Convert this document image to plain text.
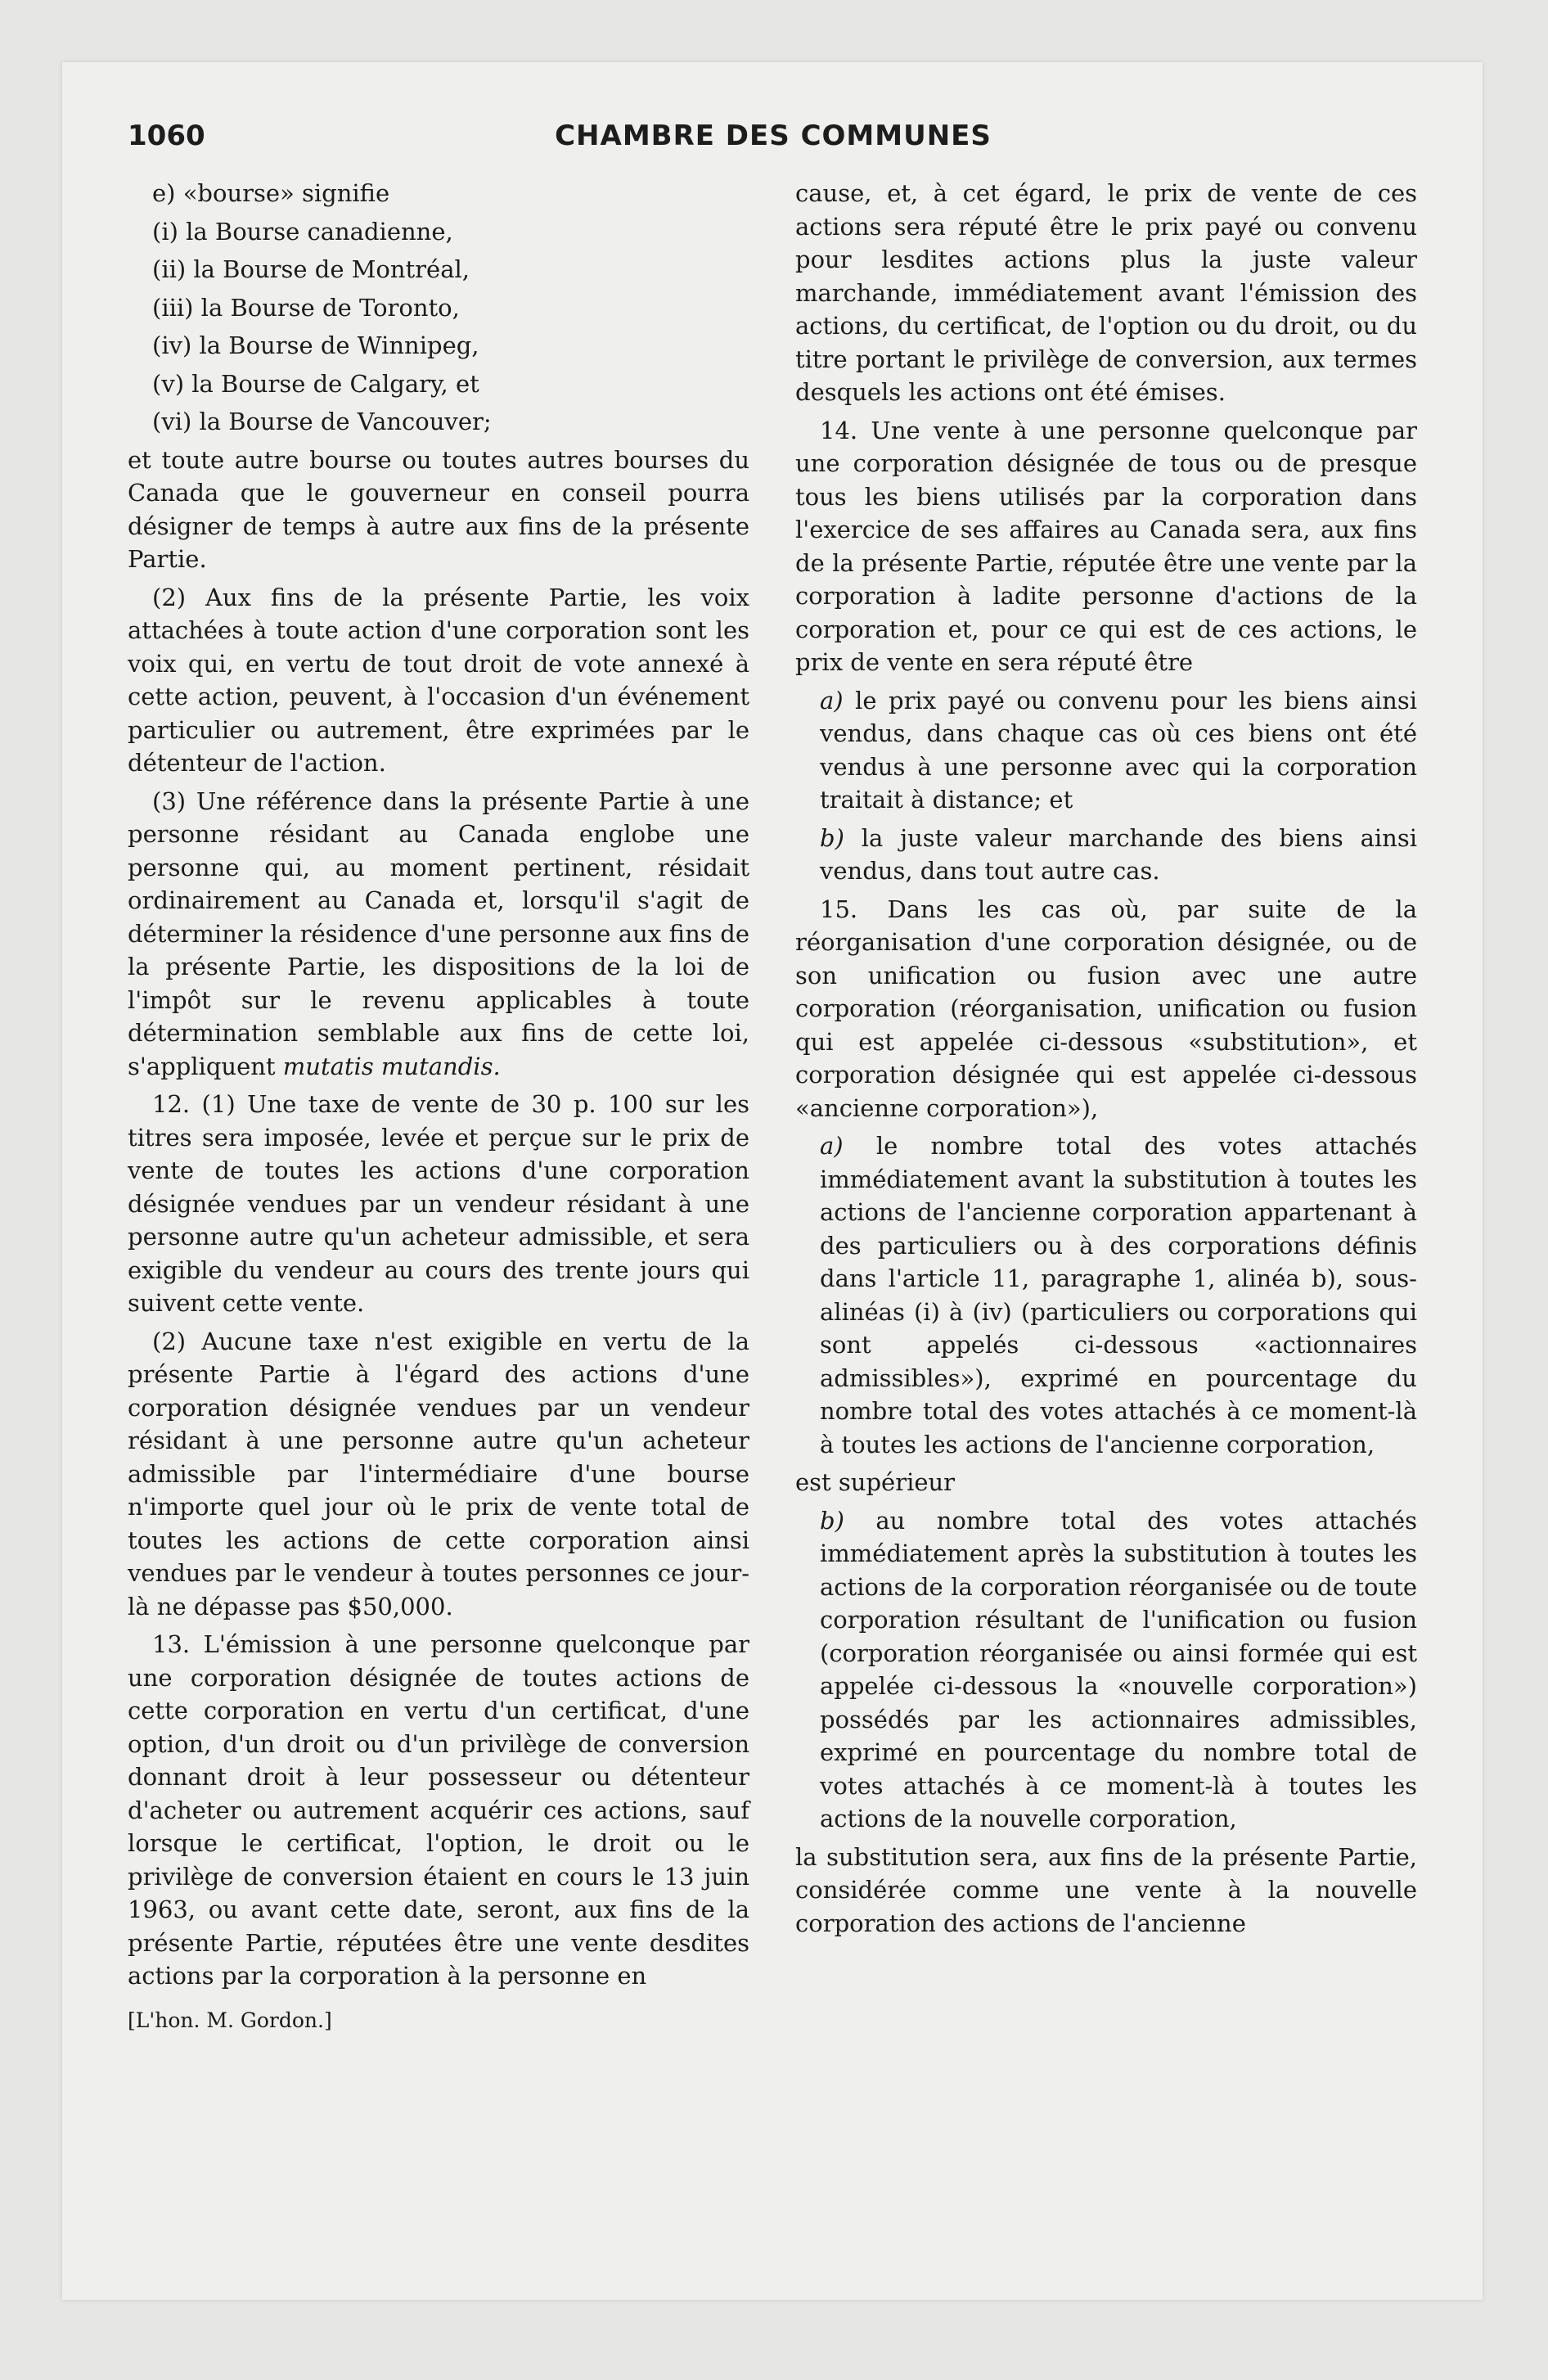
1060	CHAMBRE DES COMMUNES

e) «bourse» signifie

(i) la Bourse canadienne,

(ii) la Bourse de Montréal,

(iii) la Bourse de Toronto,

(iv) la Bourse de Winnipeg,

(v) la Bourse de Calgary, et

(vi) la Bourse de Vancouver;

et toute autre bourse ou toutes autres bourses du Canada que le gouverneur en conseil pourra désigner de temps à autre aux fins de la présente Partie.

(2) Aux fins de la présente Partie, les voix attachées à toute action d'une corporation sont les voix qui, en vertu de tout droit de vote annexé à cette action, peuvent, à l'occasion d'un événement particulier ou autrement, être exprimées par le détenteur de l'action.

(3) Une référence dans la présente Partie à une personne résidant au Canada englobe une personne qui, au moment pertinent, résidait ordinairement au Canada et, lorsqu'il s'agit de déterminer la résidence d'une personne aux fins de la présente Partie, les dispositions de la loi de l'impôt sur le revenu applicables à toute détermination semblable aux fins de cette loi, s'appliquent mutatis mutandis.

12. (1) Une taxe de vente de 30 p. 100 sur les titres sera imposée, levée et perçue sur le prix de vente de toutes les actions d'une corporation désignée vendues par un vendeur résidant à une personne autre qu'un acheteur admissible, et sera exigible du vendeur au cours des trente jours qui suivent cette vente.

(2) Aucune taxe n'est exigible en vertu de la présente Partie à l'égard des actions d'une corporation désignée vendues par un vendeur résidant à une personne autre qu'un acheteur admissible par l'intermédiaire d'une bourse n'importe quel jour où le prix de vente total de toutes les actions de cette corporation ainsi vendues par le vendeur à toutes personnes ce jour-là ne dépasse pas $50,000.

13. L'émission à une personne quelconque par une corporation désignée de toutes actions de cette corporation en vertu d'un certificat, d'une option, d'un droit ou d'un privilège de conversion donnant droit à leur possesseur ou détenteur d'acheter ou autrement acquérir ces actions, sauf lorsque le certificat, l'option, le droit ou le privilège de conversion étaient en cours le 13 juin 1963, ou avant cette date, seront, aux fins de la présente Partie, réputées être une vente desdites actions par la corporation à la personne en

[L'hon. M. Gordon.]

cause, et, à cet égard, le prix de vente de ces actions sera réputé être le prix payé ou convenu pour lesdites actions plus la juste valeur marchande, immédiatement avant l'émission des actions, du certificat, de l'option ou du droit, ou du titre portant le privilège de conversion, aux termes desquels les actions ont été émises.

14. Une vente à une personne quelconque par une corporation désignée de tous ou de presque tous les biens utilisés par la corporation dans l'exercice de ses affaires au Canada sera, aux fins de la présente Partie, réputée être une vente par la corporation à ladite personne d'actions de la corporation et, pour ce qui est de ces actions, le prix de vente en sera réputé être

a) le prix payé ou convenu pour les biens ainsi vendus, dans chaque cas où ces biens ont été vendus à une personne avec qui la corporation traitait à distance; et

b) la juste valeur marchande des biens ainsi vendus, dans tout autre cas.

15. Dans les cas où, par suite de la réorganisation d'une corporation désignée, ou de son unification ou fusion avec une autre corporation (réorganisation, unification ou fusion qui est appelée ci-dessous «substitution», et corporation désignée qui est appelée ci-dessous «ancienne corporation»),

a) le nombre total des votes attachés immédiatement avant la substitution à toutes les actions de l'ancienne corporation appartenant à des particuliers ou à des corporations définis dans l'article 11, paragraphe 1, alinéa b), sous-alinéas (i) à (iv) (particuliers ou corporations qui sont appelés ci-dessous «actionnaires admissibles»), exprimé en pourcentage du nombre total des votes attachés à ce moment-là à toutes les actions de l'ancienne corporation,

est supérieur

b) au nombre total des votes attachés immédiatement après la substitution à toutes les actions de la corporation réorganisée ou de toute corporation résultant de l'unification ou fusion (corporation réorganisée ou ainsi formée qui est appelée ci-dessous la «nouvelle corporation») possédés par les actionnaires admissibles, exprimé en pourcentage du nombre total de votes attachés à ce moment-là à toutes les actions de la nouvelle corporation,

la substitution sera, aux fins de la présente Partie, considérée comme une vente à la nouvelle corporation des actions de l'ancienne
